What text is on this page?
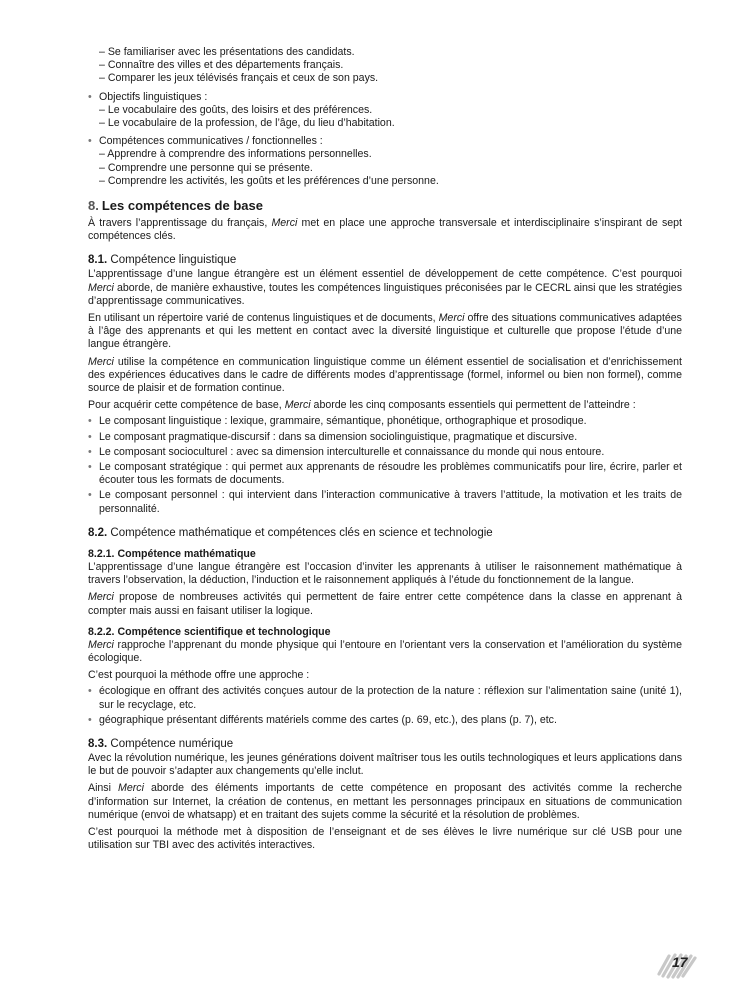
– Se familiariser avec les présentations des candidats.
– Connaître des villes et des départements français.
– Comparer les jeux télévisés français et ceux de son pays.
• Objectifs linguistiques :
– Le vocabulaire des goûts, des loisirs et des préférences.
– Le vocabulaire de la profession, de l’âge, du lieu d’habitation.
• Compétences communicatives / fonctionnelles :
– Apprendre à comprendre des informations personnelles.
– Comprendre une personne qui se présente.
– Comprendre les activités, les goûts et les préférences d’une personne.
8. Les compétences de base

À travers l’apprentissage du français, Merci met en place une approche transversale et interdisciplinaire s’inspirant de sept compétences clés.

8.1. Compétence linguistique

L’apprentissage d’une langue étrangère est un élément essentiel de développement de cette compétence. C’est pourquoi Merci aborde, de manière exhaustive, toutes les compétences linguistiques préconisées par le CECRL ainsi que les stratégies d’apprentissage communicatives.

En utilisant un répertoire varié de contenus linguistiques et de documents, Merci offre des situations communicatives adaptées à l’âge des apprenants et qui les mettent en contact avec la diversité linguistique et culturelle que propose l’étude d’une langue étrangère.

Merci utilise la compétence en communication linguistique comme un élément essentiel de socialisation et d’enrichissement des expériences éducatives dans le cadre de différents modes d’apprentissage (formel, informel ou bien non formel), comme source de plaisir et de formation continue.

Pour acquérir cette compétence de base, Merci aborde les cinq composants essentiels qui permettent de l’atteindre :

• Le composant linguistique : lexique, grammaire, sémantique, phonétique, orthographique et prosodique.

• Le composant pragmatique-discursif : dans sa dimension sociolinguistique, pragmatique et discursive.

• Le composant socioculturel : avec sa dimension interculturelle et connaissance du monde qui nous entoure.

• Le composant stratégique : qui permet aux apprenants de résoudre les problèmes communicatifs pour lire, écrire, parler et écouter tous les formats de documents.

• Le composant personnel : qui intervient dans l’interaction communicative à travers l’attitude, la motivation et les traits de personnalité.

8.2. Compétence mathématique et compétences clés en science et technologie
8.2.1. Compétence mathématique

L’apprentissage d’une langue étrangère est l’occasion d’inviter les apprenants à utiliser le raisonnement mathématique à travers l’observation, la déduction, l’induction et le raisonnement appliqués à l’étude du fonctionnement de la langue.

Merci propose de nombreuses activités qui permettent de faire entrer cette compétence dans la classe en apprenant à compter mais aussi en faisant utiliser la logique.

8.2.2. Compétence scientifique et technologique

Merci rapproche l’apprenant du monde physique qui l’entoure en l’orientant vers la conservation et l’amélioration du système écologique.

C’est pourquoi la méthode offre une approche :

• écologique en offrant des activités conçues autour de la protection de la nature : réflexion sur l’alimentation saine (unité 1), sur le recyclage, etc.

• géographique présentant différents matériels comme des cartes (p. 69, etc.), des plans (p. 7), etc.

8.3. Compétence numérique

Avec la révolution numérique, les jeunes générations doivent maîtriser tous les outils technologiques et leurs applications dans le but de pouvoir s’adapter aux changements qu’elle inclut.

Ainsi Merci aborde des éléments importants de cette compétence en proposant des activités comme la recherche d’information sur Internet, la création de contenus, en mettant les personnages principaux en situations de communication numérique (envoi de whatsapp) et en traitant des sujets comme la sécurité et la résolution de problèmes.

C’est pourquoi la méthode met à disposition de l’enseignant et de ses élèves le livre numérique sur clé USB pour une utilisation sur TBI avec des activités interactives.

17
